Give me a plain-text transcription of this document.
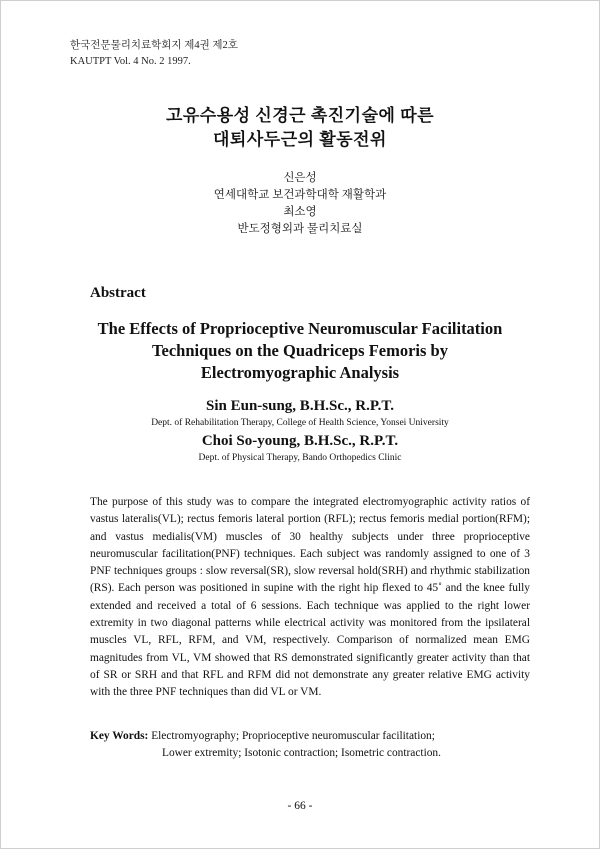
한국전문물리치료학회지 제4권 제2호
KAUTPT Vol. 4 No. 2 1997.
고유수용성 신경근 촉진기술에 따른
대퇴사두근의 활동전위
신은성
연세대학교 보건과학대학 재활학과
최소영
반도정형외과 물리치료실
Abstract
The Effects of Proprioceptive Neuromuscular Facilitation
Techniques on the Quadriceps Femoris by
Electromyographic Analysis
Sin Eun-sung, B.H.Sc., R.P.T.
Dept. of Rehabilitation Therapy, College of Health Science, Yonsei University
Choi So-young, B.H.Sc., R.P.T.
Dept. of Physical Therapy, Bando Orthopedics Clinic
The purpose of this study was to compare the integrated electromyographic activity ratios of vastus lateralis(VL); rectus femoris lateral portion (RFL); rectus femoris medial portion(RFM); and vastus medialis(VM) muscles of 30 healthy subjects under three proprioceptive neuromuscular facilitation(PNF) techniques. Each subject was randomly assigned to one of 3 PNF techniques groups : slow reversal(SR), slow reversal hold(SRH) and rhythmic stabilization (RS). Each person was positioned in supine with the right hip flexed to 45˚ and the knee fully extended and received a total of 6 sessions. Each technique was applied to the right lower extremity in two diagonal patterns while electrical activity was monitored from the ipsilateral muscles VL, RFL, RFM, and VM, respectively. Comparison of normalized mean EMG magnitudes from VL, VM showed that RS demonstrated significantly greater activity than that of SR or SRH and that RFL and RFM did not demonstrate any greater relative EMG activity with the three PNF techniques than did VL or VM.
Key Words: Electromyography; Proprioceptive neuromuscular facilitation;
Lower extremity; Isotonic contraction; Isometric contraction.
- 66 -
